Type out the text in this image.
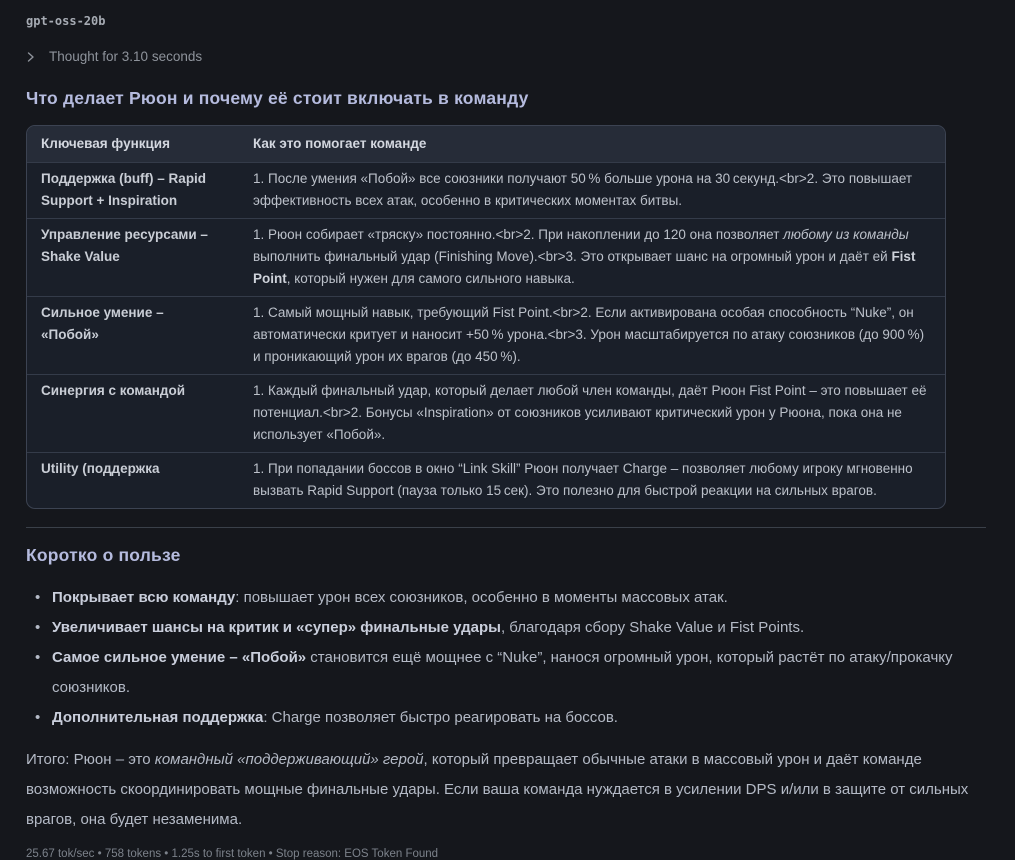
gpt-oss-20b
Thought for 3.10 seconds
Что делает Рюон и почему её стоит включать в команду
Ключевая функция	Как это помогает команде
Поддержка (buff) – Rapid Support + Inspiration	1. После умения «Побой» все союзники получают 50 % больше урона на 30 секунд.<br>2. Это повышает эффективность всех атак, особенно в критических моментах битвы.
Управление ресурсами – Shake Value	1. Рюон собирает «тряску» постоянно.<br>2. При накоплении до 120 она позволяет любому из команды выполнить финальный удар (Finishing Move).<br>3. Это открывает шанс на огромный урон и даёт ей Fist Point, который нужен для самого сильного навыка.
Сильное умение – «Побой»	1. Самый мощный навык, требующий Fist Point.<br>2. Если активирована особая способность “Nuke”, он автоматически критует и наносит +50 % урона.<br>3. Урон масштабируется по атаку союзников (до 900 %) и проникающий урон их врагов (до 450 %).
Синергия с командой	1. Каждый финальный удар, который делает любой член команды, даёт Рюон Fist Point – это повышает её потенциал.<br>2. Бонусы «Inspiration» от союзников усиливают критический урон у Рюона, пока она не использует «Побой».
Utility (поддержка	1. При попадании боссов в окно “Link Skill” Рюон получает Charge – позволяет любому игроку мгновенно вызвать Rapid Support (пауза только 15 сек). Это полезно для быстрой реакции на сильных врагов.
Коротко о пользе
• Покрывает всю команду: повышает урон всех союзников, особенно в моменты массовых атак.
• Увеличивает шансы на критик и «супер» финальные удары, благодаря сбору Shake Value и Fist Points.
• Самое сильное умение – «Побой» становится ещё мощнее с “Nuke”, нанося огромный урон, который растёт по атаку/прокачку союзников.
• Дополнительная поддержка: Charge позволяет быстро реагировать на боссов.

Итого: Рюон – это командный «поддерживающий» герой, который превращает обычные атаки в массовый урон и даёт команде возможность скоординировать мощные финальные удары. Если ваша команда нуждается в усилении DPS и/или в защите от сильных врагов, она будет незаменима.

25.67 tok/sec • 758 tokens • 1.25s to first token • Stop reason: EOS Token Found
